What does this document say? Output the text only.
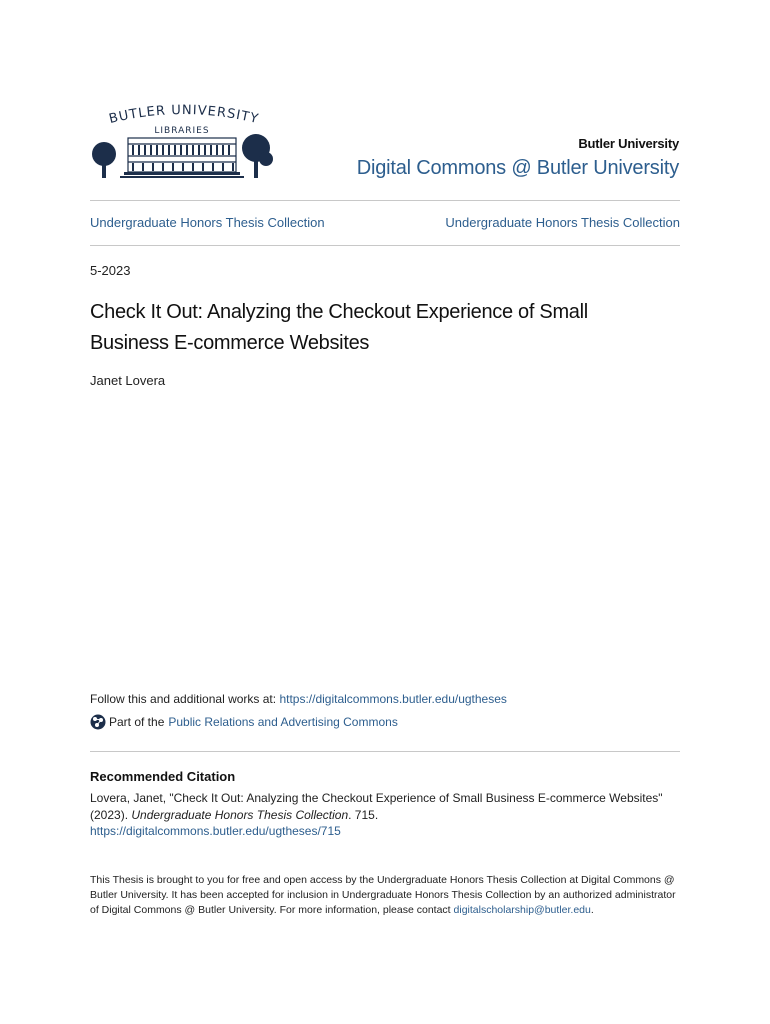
BUTLER UNIVERSITY
LIBRARIES
Butler University
Digital Commons @ Butler University
Undergraduate Honors Thesis Collection	Undergraduate Honors Thesis Collection
5-2023
Check It Out: Analyzing the Checkout Experience of Small Business E-commerce Websites
Janet Lovera
Follow this and additional works at: https://digitalcommons.butler.edu/ugtheses
Part of the Public Relations and Advertising Commons
Recommended Citation
Lovera, Janet, "Check It Out: Analyzing the Checkout Experience of Small Business E-commerce Websites" (2023). Undergraduate Honors Thesis Collection. 715.
https://digitalcommons.butler.edu/ugtheses/715
This Thesis is brought to you for free and open access by the Undergraduate Honors Thesis Collection at Digital Commons @ Butler University. It has been accepted for inclusion in Undergraduate Honors Thesis Collection by an authorized administrator of Digital Commons @ Butler University. For more information, please contact digitalscholarship@butler.edu.
